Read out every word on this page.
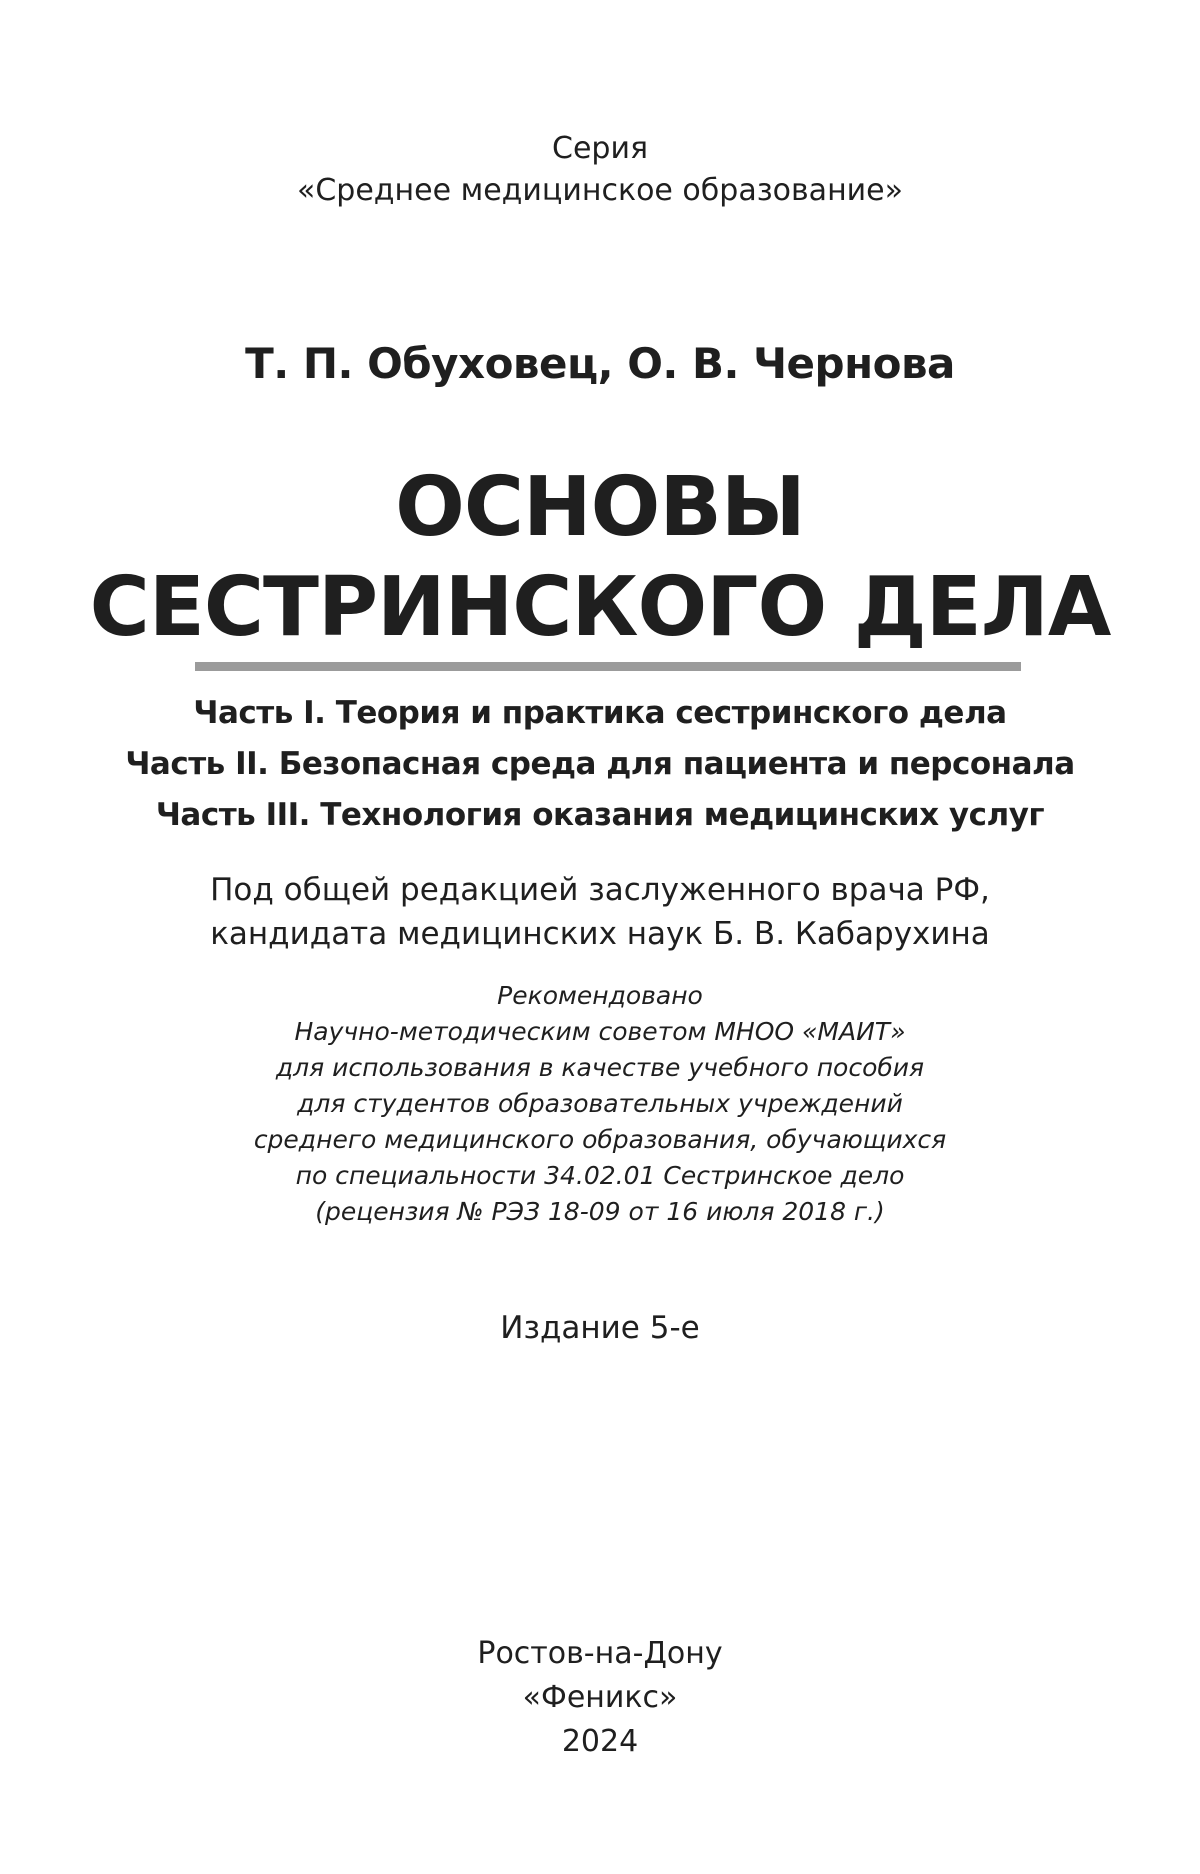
Серия
«Среднее медицинское образование»
Т. П. Обуховец, О. В. Чернова
ОСНОВЫ
СЕСТРИНСКОГО ДЕЛА
Часть I. Теория и практика сестринского дела
Часть II. Безопасная среда для пациента и персонала
Часть III. Технология оказания медицинских услуг
Под общей редакцией заслуженного врача РФ,
кандидата медицинских наук Б. В. Кабарухина
Рекомендовано
Научно-методическим советом МНОО «МАИТ»
для использования в качестве учебного пособия
для студентов образовательных учреждений
среднего медицинского образования, обучающихся
по специальности 34.02.01 Сестринское дело
(рецензия № РЭЗ 18-09 от 16 июля 2018 г.)
Издание 5-е
Ростов-на-Дону
«Феникс»
2024
